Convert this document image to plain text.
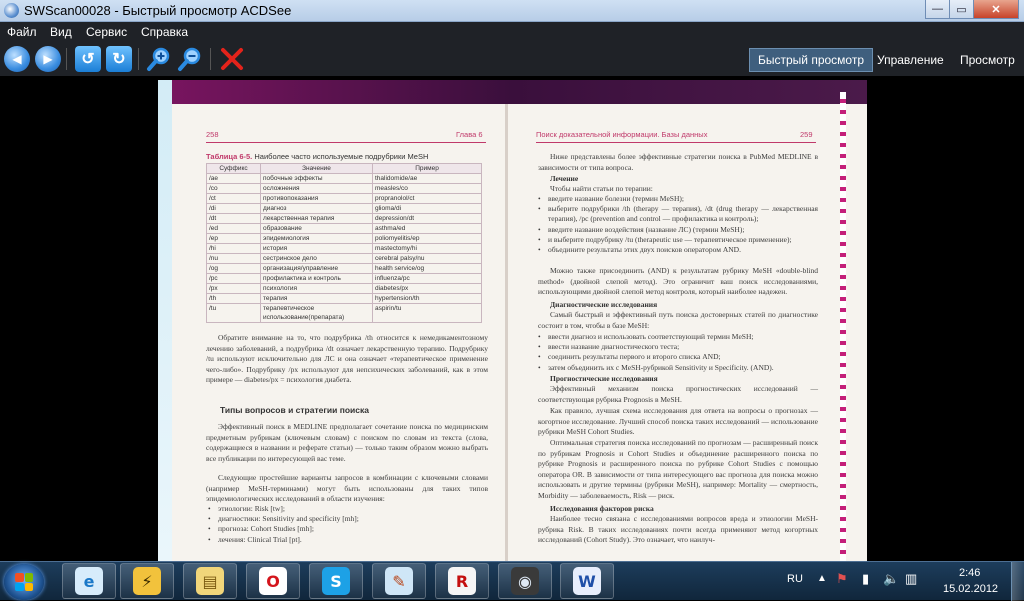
SWScan00028 - Быстрый просмотр ACDSee	—	▭	✕
Файл Вид Сервис Справка
◀	▶	↺	↻	Быстрый просмотр	Управление	Просмотр
258	Глава 6
Таблица 6-5. Наиболее часто используемые подрубрики MeSH
Суффикс	Значение	Пример
/ae	побочные эффекты	thalidomide/ae
/co	осложнения	measles/co
/ct	противопоказания	propranolol/ct
/di	диагноз	glioma/di
/dt	лекарственная терапия	depression/dt
/ed	образование	asthma/ed
/ep	эпидемиология	poliomyelitis/ep
/hi	история	mastectomy/hi
/nu	сестринское дело	cerebral palsy/nu
/og	организация/управление	health service/og
/pc	профилактика и контроль	influenza/pc
/px	психология	diabetes/px
/th	терапия	hypertension/th
/tu	терапевтическое использование(препарата)	aspirin/tu
Обратите внимание на то, что подрубрика /th относится к немедикаментозному лечению заболеваний, а подрубрика /dt означает лекарственную терапию. Подрубрику /tu используют исключительно для ЛС и она означает «терапевтическое применение чего-либо». Подрубрику /px используют для непсихических заболеваний, как в этом примере — diabetes/px = психология диабета.
Типы вопросов и стратегии поиска
Эффективный поиск в MEDLINE предполагает сочетание поиска по медицинским предметным рубрикам (ключевым словам) с поиском по словам из текста (слова, содержащиеся в названии и реферате статьи) — только таким образом можно выбрать все публикации по интересующей вас теме.
Следующие простейшие варианты запросов в комбинации с ключевыми словами (например MeSH-терминами) могут быть использованы для таких типов эпидемиологических исследований в области изучения:
• этиологии: Risk [tw];
• диагностики: Sensitivity and specificity [mh];
• прогноза: Cohort Studies [mh];
• лечения: Clinical Trial [pt].
Поиск доказательной информации. Базы данных	259
Ниже представлены более эффективные стратегии поиска в PubMed MEDLINE в зависимости от типа вопроса.
Лечение
Чтобы найти статьи по терапии:
• введите название болезни (термин MeSH);
• выберите подрубрики /th (therapy — терапия), /dt (drug therapy — лекарственная терапия), /pc (prevention and control — профилактика и контроль);
• введите название воздействия (название ЛС) (термин MeSH);
• и выберите подрубрику /tu (therapeutic use — терапевтическое применение);
• объедините результаты этих двух поисков оператором AND.
Можно также присоединить (AND) к результатам рубрику MeSH «double-blind method» (двойной слепой метод). Это ограничит ваш поиск исследованиями, использующими двойной слепой метод контроля, который наиболее надежен.
Диагностические исследования
Самый быстрый и эффективный путь поиска достоверных статей по диагностике состоит в том, чтобы в базе MeSH:
• ввести диагноз и использовать соответствующий термин MeSH;
• ввести название диагностического теста;
• соединить результаты первого и второго списка AND;
• затем объединить их с MeSH-рубрикой Sensitivity и Specificity. (AND).
Прогностические исследования
Эффективный механизм поиска прогностических исследований — соответствующая рубрика Prognosis в MeSH.
Как правило, лучшая схема исследования для ответа на вопросы о прогнозах — когортное исследование. Лучший способ поиска таких исследований — использование рубрики MeSH Cohort Studies.
Оптимальная стратегия поиска исследований по прогнозам — расширенный поиск по рубрикам Prognosis и Cohort Studies и объединение расширенного поиска по рубрике Prognosis и расширенного поиска по рубрике Cohort Studies с помощью оператора OR. В зависимости от типа интересующего вас прогноза для поиска можно использовать и другие термины (рубрики MeSH), например: Mortality — смертность, Morbidity — заболеваемость, Risk — риск.
Исследования факторов риска
Наиболее тесно связана с исследованиями вопросов вреда и этиологии MeSH-рубрика Risk. В таких исследованиях почти всегда применяют метод когортных исследований (Cohort Study). Это означает, что наилуч-
e	⚡	▤	O	S	✎	R	◉	W	RU ▲ ⚑ ▮ 🔈 ▥	2:46
15.02.2012
